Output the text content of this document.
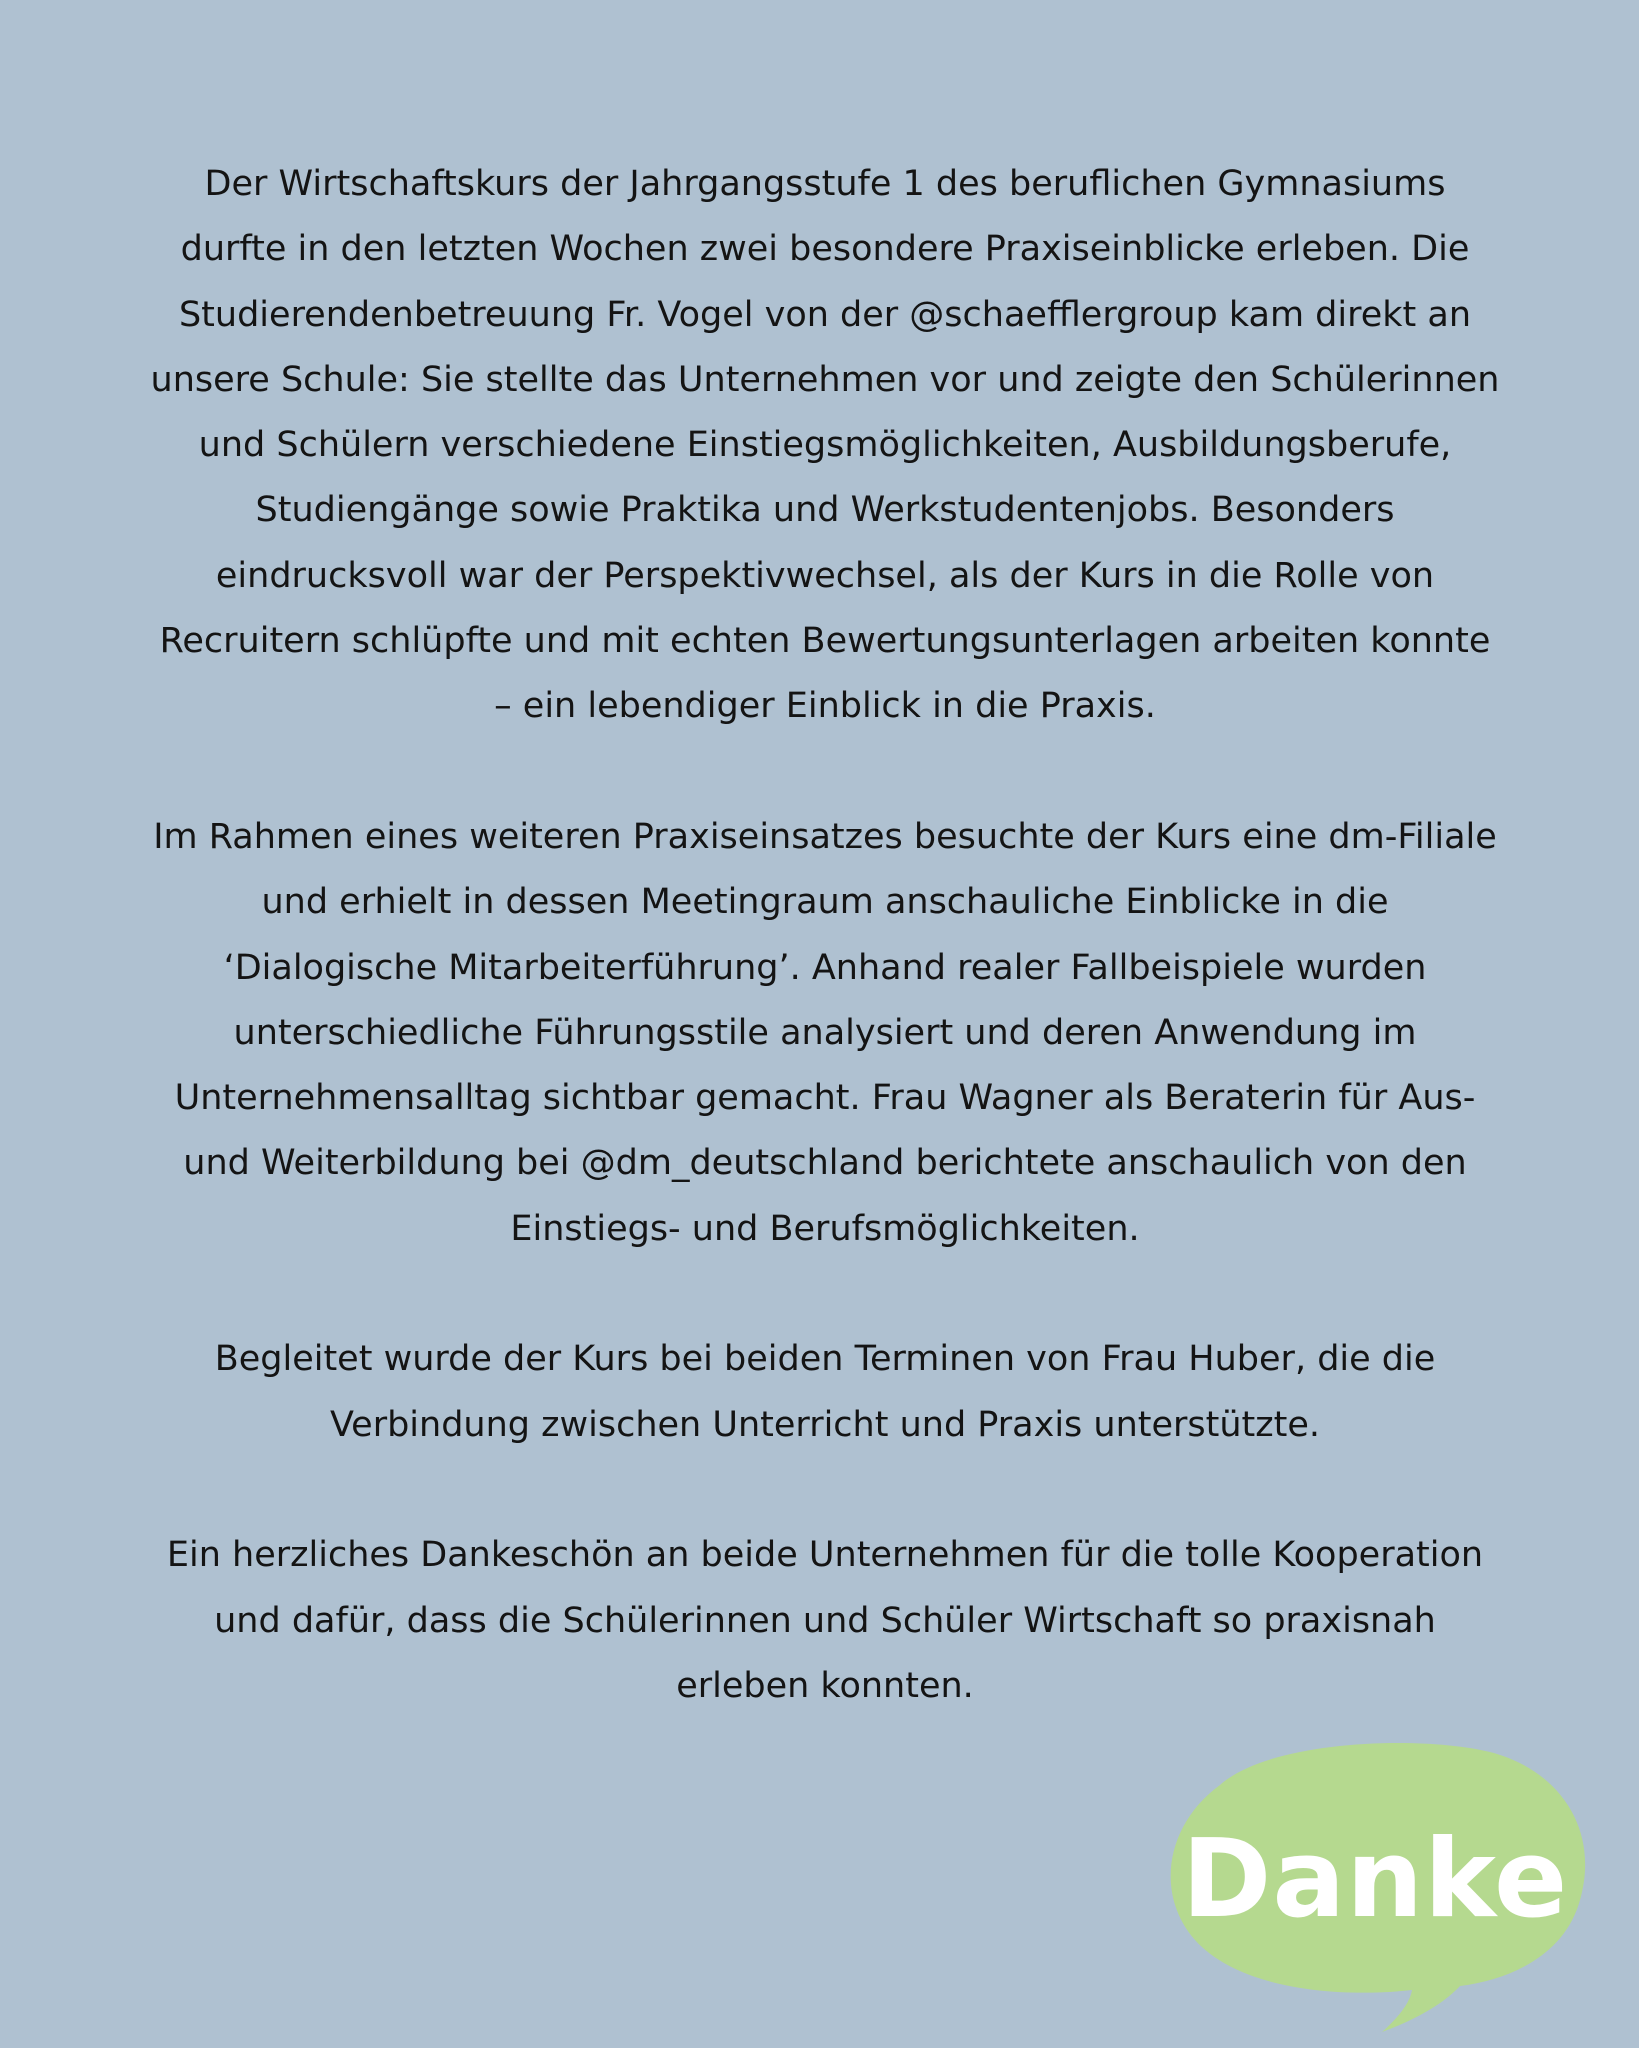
Der Wirtschaftskurs der Jahrgangsstufe 1 des beruflichen Gymnasiums durfte in den letzten Wochen zwei besondere Praxiseinblicke erleben. Die Studierendenbetreuung Fr. Vogel von der @schaefflergroup kam direkt an unsere Schule: Sie stellte das Unternehmen vor und zeigte den Schülerinnen und Schülern verschiedene Einstiegsmöglichkeiten, Ausbildungsberufe, Studiengänge sowie Praktika und Werkstudentenjobs. Besonders eindrucksvoll war der Perspektivwechsel, als der Kurs in die Rolle von Recruitern schlüpfte und mit echten Bewertungsunterlagen arbeiten konnte – ein lebendiger Einblick in die Praxis.

Im Rahmen eines weiteren Praxiseinsatzes besuchte der Kurs eine dm-Filiale und erhielt in dessen Meetingraum anschauliche Einblicke in die ‘Dialogische Mitarbeiterführung’. Anhand realer Fallbeispiele wurden unterschiedliche Führungsstile analysiert und deren Anwendung im Unternehmensalltag sichtbar gemacht. Frau Wagner als Beraterin für Aus- und Weiterbildung bei @dm_deutschland berichtete anschaulich von den Einstiegs- und Berufsmöglichkeiten.

Begleitet wurde der Kurs bei beiden Terminen von Frau Huber, die die Verbindung zwischen Unterricht und Praxis unterstützte.

Ein herzliches Dankeschön an beide Unternehmen für die tolle Kooperation und dafür, dass die Schülerinnen und Schüler Wirtschaft so praxisnah erleben konnten.

Danke
